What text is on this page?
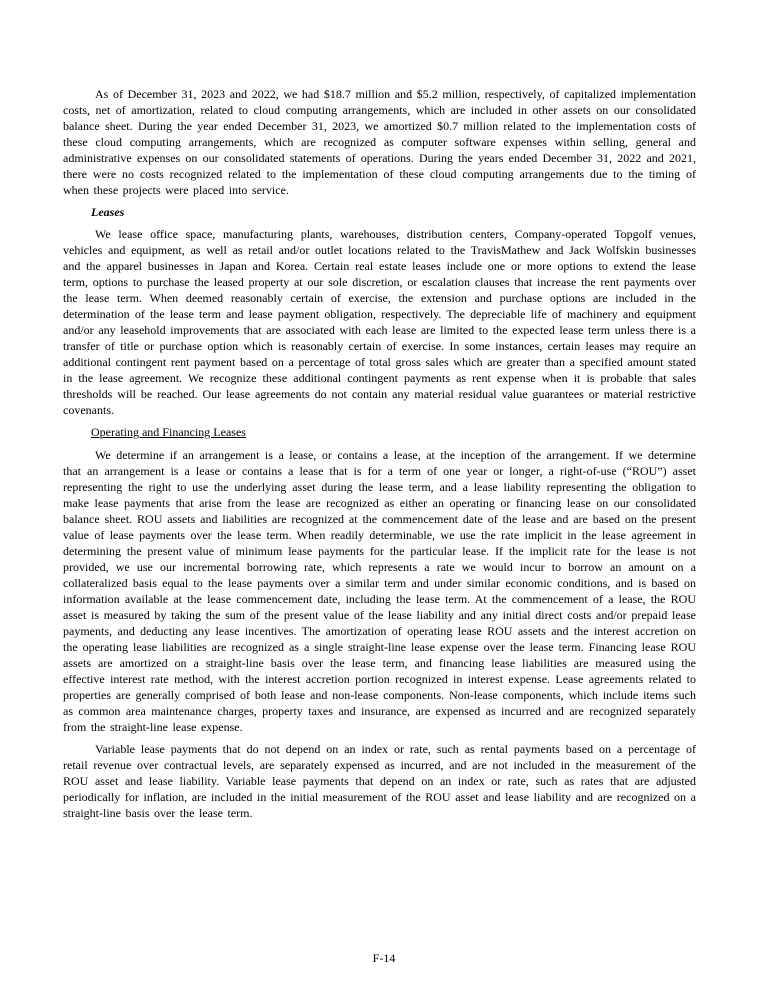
As of December 31, 2023 and 2022, we had $18.7 million and $5.2 million, respectively, of capitalized implementation costs, net of amortization, related to cloud computing arrangements, which are included in other assets on our consolidated balance sheet. During the year ended December 31, 2023, we amortized $0.7 million related to the implementation costs of these cloud computing arrangements, which are recognized as computer software expenses within selling, general and administrative expenses on our consolidated statements of operations. During the years ended December 31, 2022 and 2021, there were no costs recognized related to the implementation of these cloud computing arrangements due to the timing of when these projects were placed into service.

Leases

We lease office space, manufacturing plants, warehouses, distribution centers, Company-operated Topgolf venues, vehicles and equipment, as well as retail and/or outlet locations related to the TravisMathew and Jack Wolfskin businesses and the apparel businesses in Japan and Korea. Certain real estate leases include one or more options to extend the lease term, options to purchase the leased property at our sole discretion, or escalation clauses that increase the rent payments over the lease term. When deemed reasonably certain of exercise, the extension and purchase options are included in the determination of the lease term and lease payment obligation, respectively. The depreciable life of machinery and equipment and/or any leasehold improvements that are associated with each lease are limited to the expected lease term unless there is a transfer of title or purchase option which is reasonably certain of exercise. In some instances, certain leases may require an additional contingent rent payment based on a percentage of total gross sales which are greater than a specified amount stated in the lease agreement. We recognize these additional contingent payments as rent expense when it is probable that sales thresholds will be reached. Our lease agreements do not contain any material residual value guarantees or material restrictive covenants.

Operating and Financing Leases

We determine if an arrangement is a lease, or contains a lease, at the inception of the arrangement. If we determine that an arrangement is a lease or contains a lease that is for a term of one year or longer, a right-of-use (“ROU”) asset representing the right to use the underlying asset during the lease term, and a lease liability representing the obligation to make lease payments that arise from the lease are recognized as either an operating or financing lease on our consolidated balance sheet. ROU assets and liabilities are recognized at the commencement date of the lease and are based on the present value of lease payments over the lease term. When readily determinable, we use the rate implicit in the lease agreement in determining the present value of minimum lease payments for the particular lease. If the implicit rate for the lease is not provided, we use our incremental borrowing rate, which represents a rate we would incur to borrow an amount on a collateralized basis equal to the lease payments over a similar term and under similar economic conditions, and is based on information available at the lease commencement date, including the lease term. At the commencement of a lease, the ROU asset is measured by taking the sum of the present value of the lease liability and any initial direct costs and/or prepaid lease payments, and deducting any lease incentives. The amortization of operating lease ROU assets and the interest accretion on the operating lease liabilities are recognized as a single straight-line lease expense over the lease term. Financing lease ROU assets are amortized on a straight-line basis over the lease term, and financing lease liabilities are measured using the effective interest rate method, with the interest accretion portion recognized in interest expense. Lease agreements related to properties are generally comprised of both lease and non-lease components. Non-lease components, which include items such as common area maintenance charges, property taxes and insurance, are expensed as incurred and are recognized separately from the straight-line lease expense.

Variable lease payments that do not depend on an index or rate, such as rental payments based on a percentage of retail revenue over contractual levels, are separately expensed as incurred, and are not included in the measurement of the ROU asset and lease liability. Variable lease payments that depend on an index or rate, such as rates that are adjusted periodically for inflation, are included in the initial measurement of the ROU asset and lease liability and are recognized on a straight-line basis over the lease term.

F-14
